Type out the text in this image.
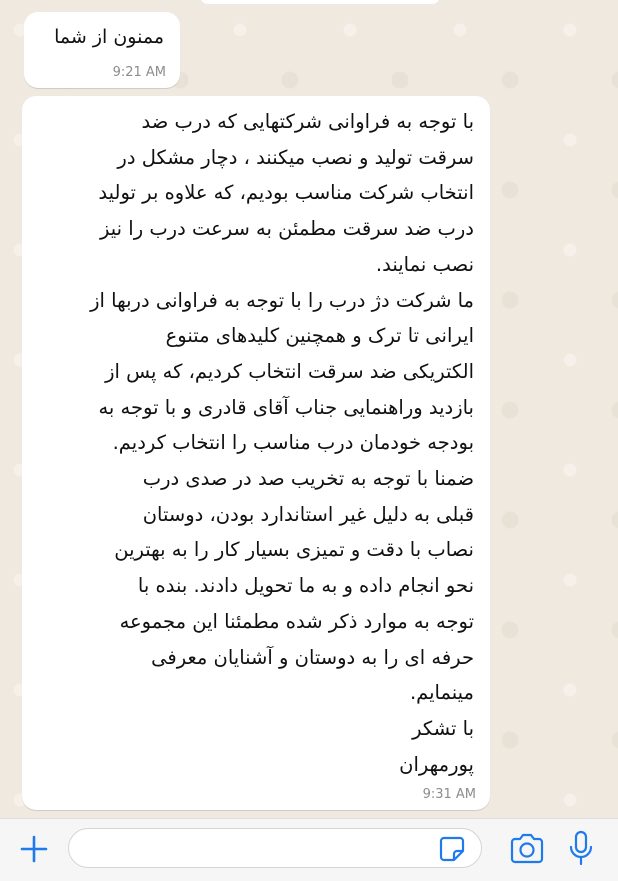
ممنون از شما
9:21 AM
با توجه به فراوانی شرکتهایی که درب ضد
سرقت تولید و نصب میکنند ، دچار مشکل در
انتخاب شرکت مناسب بودیم، که علاوه بر تولید
درب ضد سرقت مطمئن به سرعت درب را نیز
نصب نمایند.
ما شرکت دژ درب را با توجه به فراوانی دربها از
ایرانی تا ترک و همچنین کلیدهای متنوع
الکتریکی ضد سرقت انتخاب کردیم، که پس از
بازدید وراهنمایی جناب آقای قادری و با توجه به
بودجه خودمان درب مناسب را انتخاب کردیم.
ضمنا با توجه به تخریب صد در صدی درب
قبلی به دلیل غیر استاندارد بودن، دوستان
نصاب با دقت و تمیزی بسیار کار را به بهترین
نحو انجام داده و به ما تحویل دادند. بنده با
توجه به موارد ذکر شده مطمئنا این مجموعه
حرفه ای را به دوستان و آشنایان معرفی
مینمایم.
با تشکر
پورمهران
9:31 AM
